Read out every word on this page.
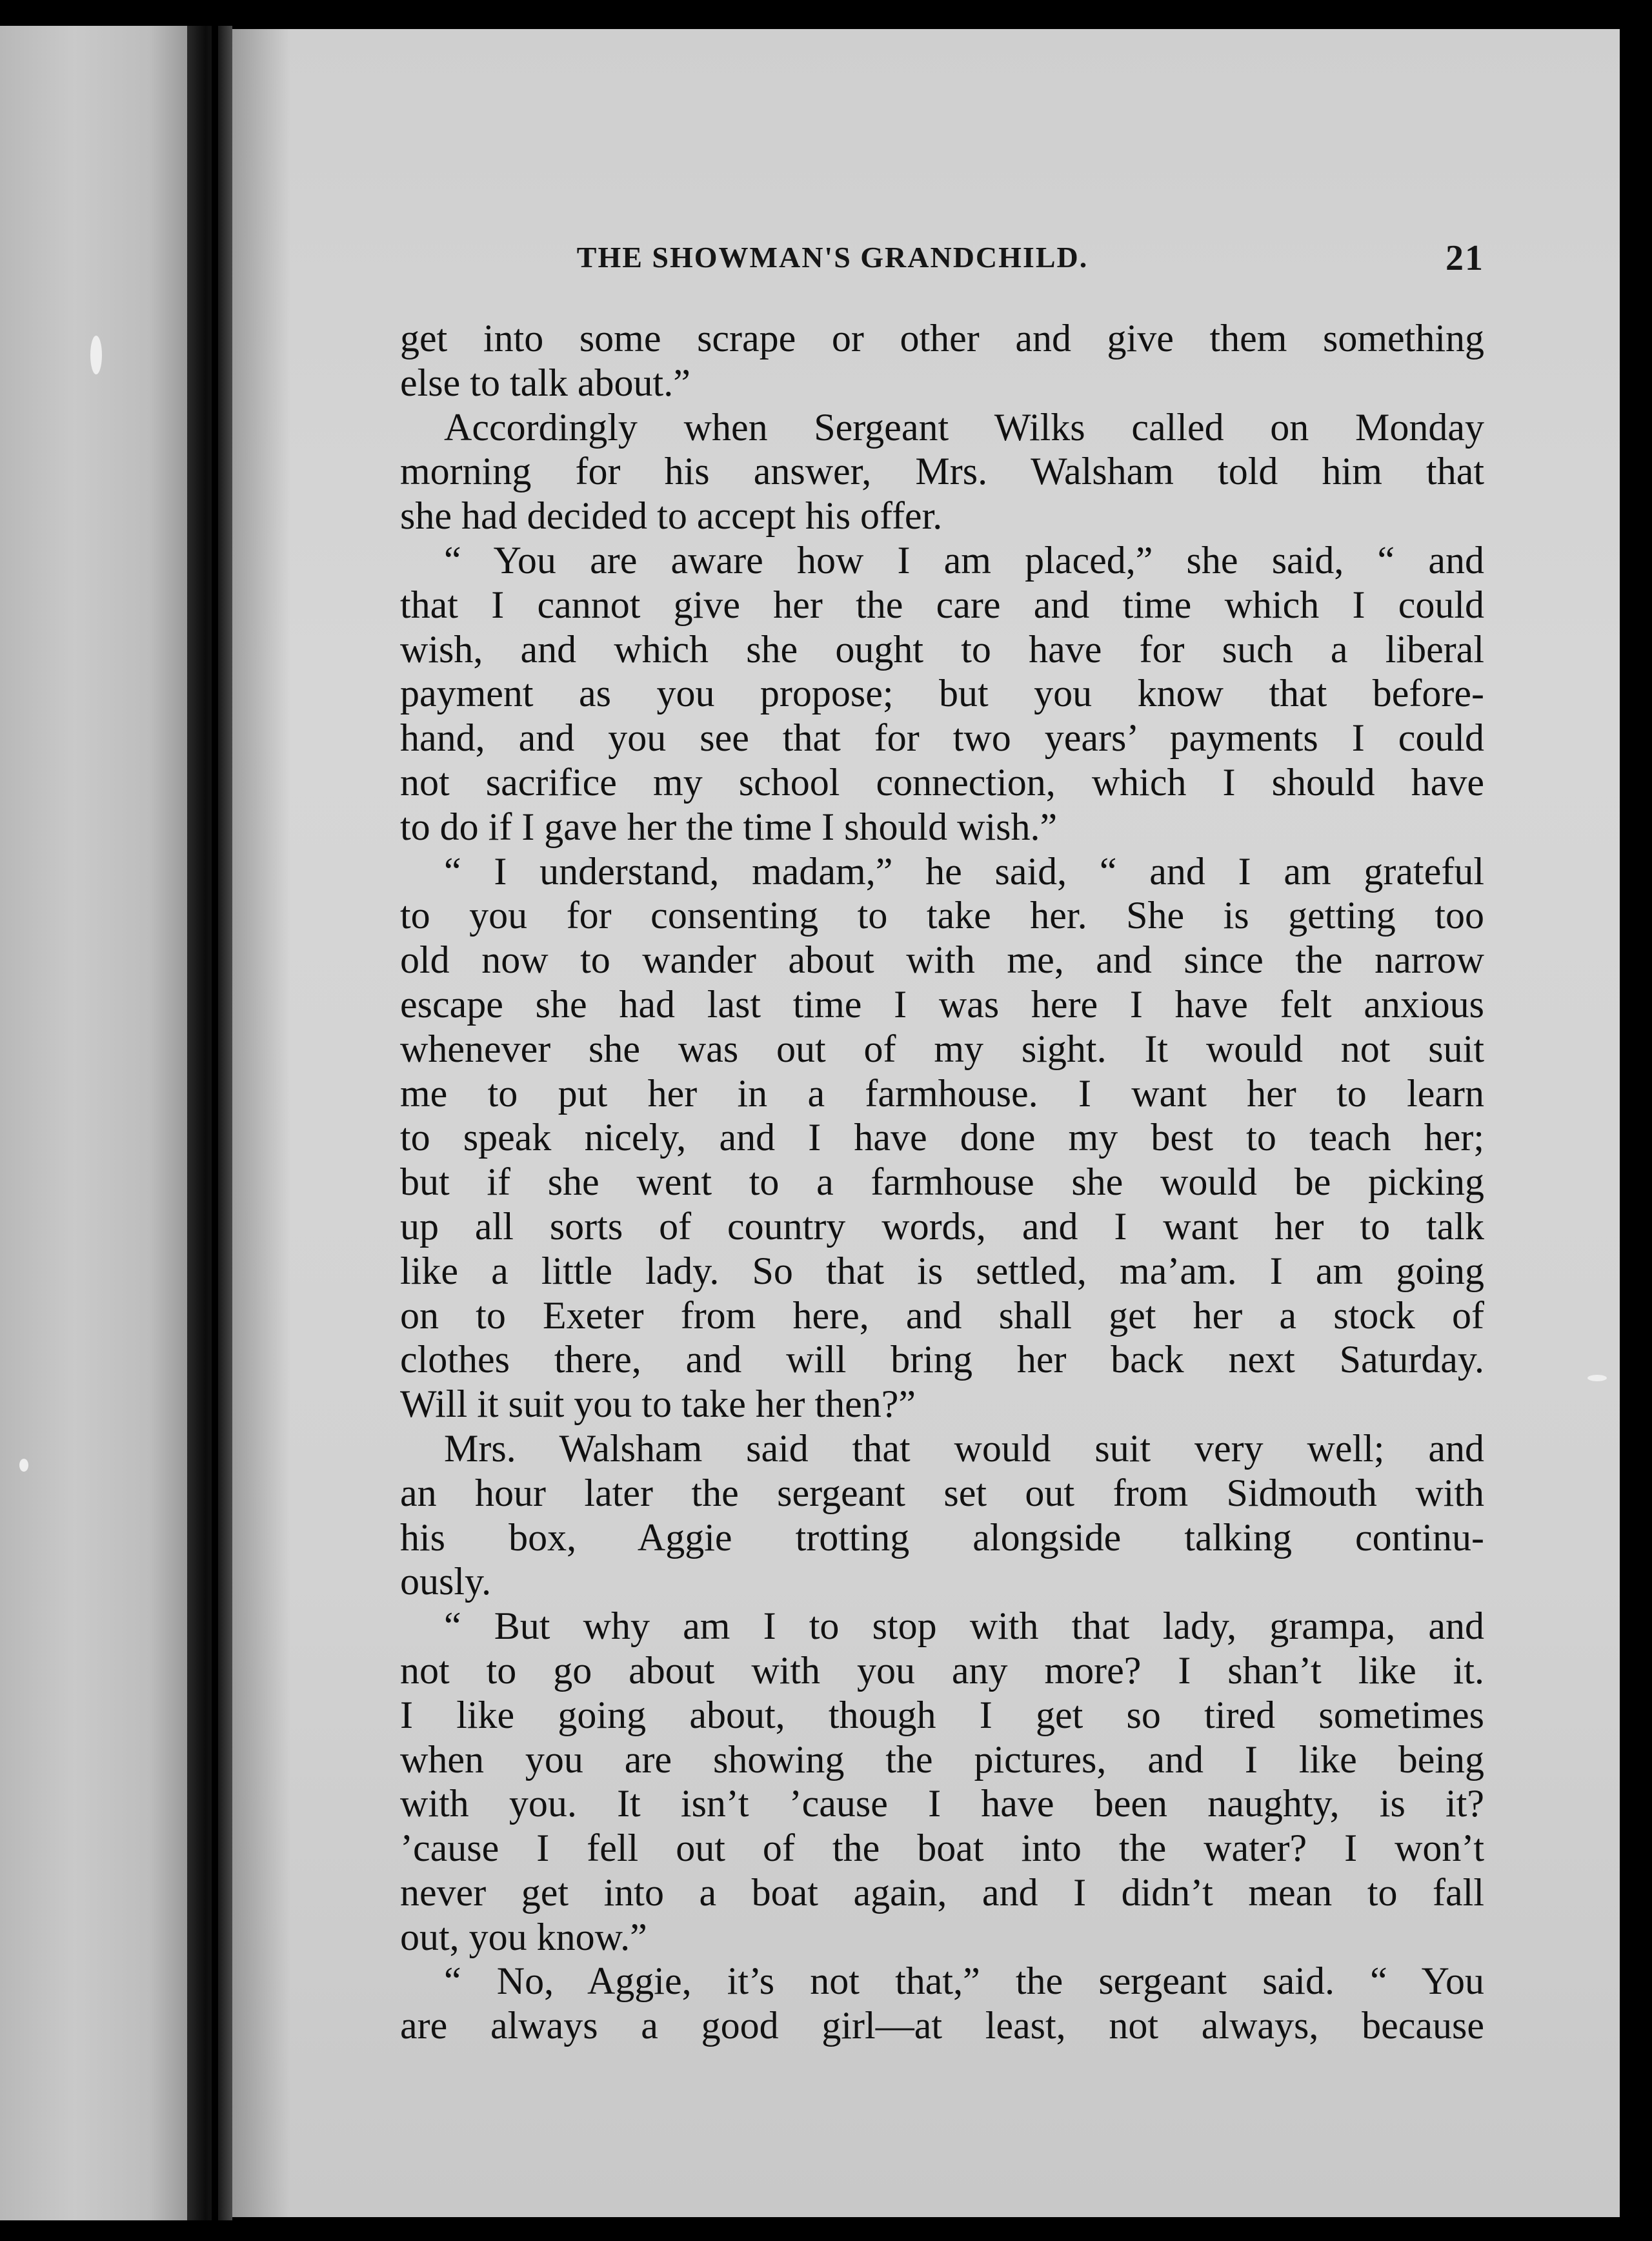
THE SHOWMAN'S GRANDCHILD.	21
get into some scrape or other and give them something
else to talk about.”
Accordingly when Sergeant Wilks called on Monday
morning for his answer, Mrs. Walsham told him that
she had decided to accept his offer.
“ You are aware how I am placed,” she said, “ and
that I cannot give her the care and time which I could
wish, and which she ought to have for such a liberal
payment as you propose; but you know that before-
hand, and you see that for two years’ payments I could
not sacrifice my school connection, which I should have
to do if I gave her the time I should wish.”
“ I understand, madam,” he said, “ and I am grateful
to you for consenting to take her. She is getting too
old now to wander about with me, and since the narrow
escape she had last time I was here I have felt anxious
whenever she was out of my sight. It would not suit
me to put her in a farmhouse. I want her to learn
to speak nicely, and I have done my best to teach her;
but if she went to a farmhouse she would be picking
up all sorts of country words, and I want her to talk
like a little lady. So that is settled, ma’am. I am going
on to Exeter from here, and shall get her a stock of
clothes there, and will bring her back next Saturday.
Will it suit you to take her then?”
Mrs. Walsham said that would suit very well; and
an hour later the sergeant set out from Sidmouth with
his box, Aggie trotting alongside talking continu-
ously.
“ But why am I to stop with that lady, grampa, and
not to go about with you any more? I shan’t like it.
I like going about, though I get so tired sometimes
when you are showing the pictures, and I like being
with you. It isn’t ’cause I have been naughty, is it?
’cause I fell out of the boat into the water? I won’t
never get into a boat again, and I didn’t mean to fall
out, you know.”
“ No, Aggie, it’s not that,” the sergeant said. “ You
are always a good girl—at least, not always, because
